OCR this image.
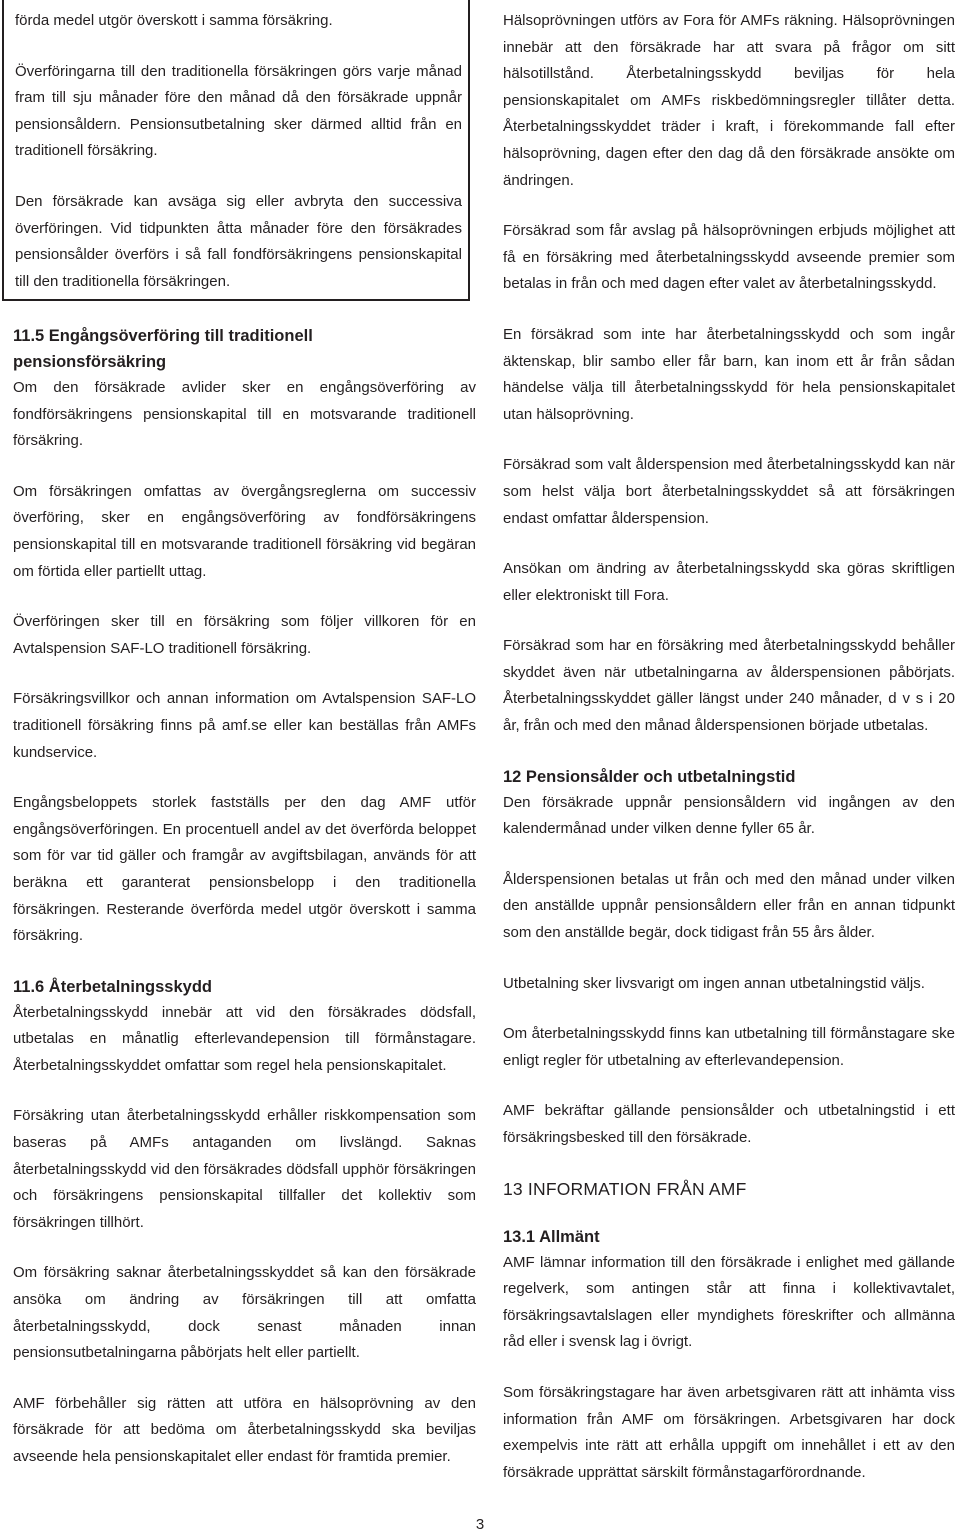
förda medel utgör överskott i samma försäkring.

Överföringarna till den traditionella försäkringen görs varje månad fram till sju månader före den månad då den försäkrade uppnår pensionsåldern. Pensionsutbetalning sker därmed alltid från en traditionell försäkring.

Den försäkrade kan avsäga sig eller avbryta den successiva överföringen. Vid tidpunkten åtta månader före den försäkrades pensionsålder överförs i så fall fondförsäkringens pensionskapital till den traditionella försäkringen.

11.5 Engångsöverföring till traditionell

pensionsförsäkring

Om den försäkrade avlider sker en engångsöverföring av fondförsäkringens pensionskapital till en motsvarande traditionell försäkring.

Om försäkringen omfattas av övergångsreglerna om successiv överföring, sker en engångsöverföring av fondförsäkringens pensionskapital till en motsvarande traditionell försäkring vid begäran om förtida eller partiellt uttag.

Överföringen sker till en försäkring som följer villkoren för en Avtalspension SAF-LO traditionell försäkring.

Försäkringsvillkor och annan information om Avtalspension SAF-LO traditionell försäkring finns på amf.se eller kan beställas från AMFs kundservice.

Engångsbeloppets storlek fastställs per den dag AMF utför engångsöverföringen. En procentuell andel av det överförda beloppet som för var tid gäller och framgår av avgiftsbilagan, används för att beräkna ett garanterat pensionsbelopp i den traditionella försäkringen. Resterande överförda medel utgör överskott i samma försäkring.

11.6 Återbetalningsskydd

Återbetalningsskydd innebär att vid den försäkrades dödsfall, utbetalas en månatlig efterlevandepension till förmånstagare. Återbetalningsskyddet omfattar som regel hela pensionskapitalet.

Försäkring utan återbetalningsskydd erhåller riskkompensation som baseras på AMFs antaganden om livslängd. Saknas återbetalningsskydd vid den försäkrades dödsfall upphör försäkringen och försäkringens pensionskapital tillfaller det kollektiv som försäkringen tillhört.

Om försäkring saknar återbetalningsskyddet så kan den försäkrade ansöka om ändring av försäkringen till att omfatta återbetalningsskydd, dock senast månaden innan pensionsutbetalningarna påbörjats helt eller partiellt.

AMF förbehåller sig rätten att utföra en hälsoprövning av den försäkrade för att bedöma om återbetalningsskydd ska beviljas avseende hela pensionskapitalet eller endast för framtida premier.

Hälsoprövningen utförs av Fora för AMFs räkning. Hälsoprövningen innebär att den försäkrade har att svara på frågor om sitt hälsotillstånd. Återbetalningsskydd beviljas för hela pensionskapitalet om AMFs riskbedömningsregler tillåter detta. Återbetalningsskyddet träder i kraft, i förekommande fall efter hälsoprövning, dagen efter den dag då den försäkrade ansökte om ändringen.

Försäkrad som får avslag på hälsoprövningen erbjuds möjlighet att få en försäkring med återbetalningsskydd avseende premier som betalas in från och med dagen efter valet av återbetalningsskydd.

En försäkrad som inte har återbetalningsskydd och som ingår äktenskap, blir sambo eller får barn, kan inom ett år från sådan händelse välja till återbetalningsskydd för hela pensionskapitalet utan hälsoprövning.

Försäkrad som valt ålderspension med återbetalningsskydd kan när som helst välja bort återbetalningsskyddet så att försäkringen endast omfattar ålderspension.

Ansökan om ändring av återbetalningsskydd ska göras skriftligen eller elektroniskt till Fora.

Försäkrad som har en försäkring med återbetalningsskydd behåller skyddet även när utbetalningarna av ålderspensionen påbörjats. Återbetalningsskyddet gäller längst under 240 månader, d v s i 20 år, från och med den månad ålderspensionen började utbetalas.

12 Pensionsålder och utbetalningstid

Den försäkrade uppnår pensionsåldern vid ingången av den kalendermånad under vilken denne fyller 65 år.

Ålderspensionen betalas ut från och med den månad under vilken den anställde uppnår pensionsåldern eller från en annan tidpunkt som den anställde begär, dock tidigast från 55 års ålder.

Utbetalning sker livsvarigt om ingen annan utbetalningstid väljs.

Om återbetalningsskydd finns kan utbetalning till förmånstagare ske enligt regler för utbetalning av efterlevandepension.

AMF bekräftar gällande pensionsålder och utbetalningstid i ett försäkringsbesked till den försäkrade.

13 INFORMATION FRÅN AMF

13.1 Allmänt

AMF lämnar information till den försäkrade i enlighet med gällande regelverk, som antingen står att finna i kollektivavtalet, försäkringsavtalslagen eller myndighets föreskrifter och allmänna råd eller i svensk lag i övrigt.

Som försäkringstagare har även arbetsgivaren rätt att inhämta viss information från AMF om försäkringen. Arbetsgivaren har dock exempelvis inte rätt att erhålla uppgift om innehållet i ett av den försäkrade upprättat särskilt förmånstagarförordnande.

3
